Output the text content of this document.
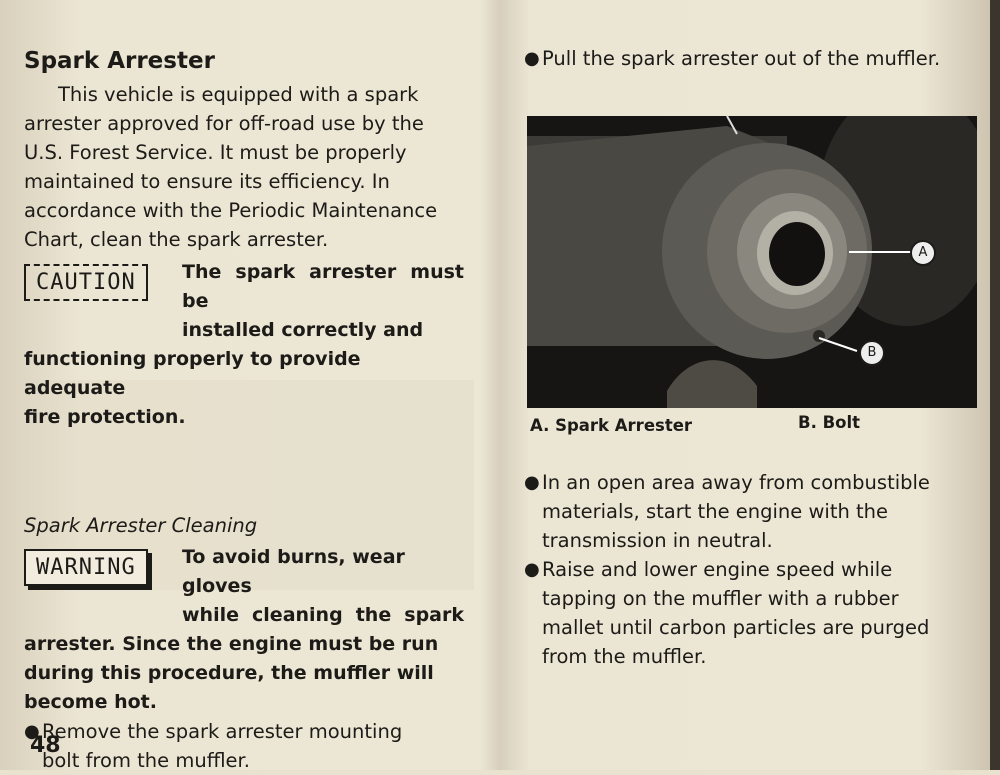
Spark Arrester
This vehicle is equipped with a spark
arrester approved for off-road use by the
U.S. Forest Service. It must be properly
maintained to ensure its efficiency. In
accordance with the Periodic Maintenance
Chart, clean the spark arrester.
CAUTION	The spark arrester must be
installed correctly and
functioning properly to provide adequate
fire protection.
Spark Arrester Cleaning
WARNING	To avoid burns, wear gloves
while cleaning the spark
arrester. Since the engine must be run
during this procedure, the muffler will
become hot.
● Remove the spark arrester mounting
bolt from the muffler.
48
● Pull the spark arrester out of the muffler.
A
B
A. Spark Arrester	B. Bolt
● In an open area away from combustible
materials, start the engine with the
transmission in neutral.
● Raise and lower engine speed while
tapping on the muffler with a rubber
mallet until carbon particles are purged
from the muffler.
